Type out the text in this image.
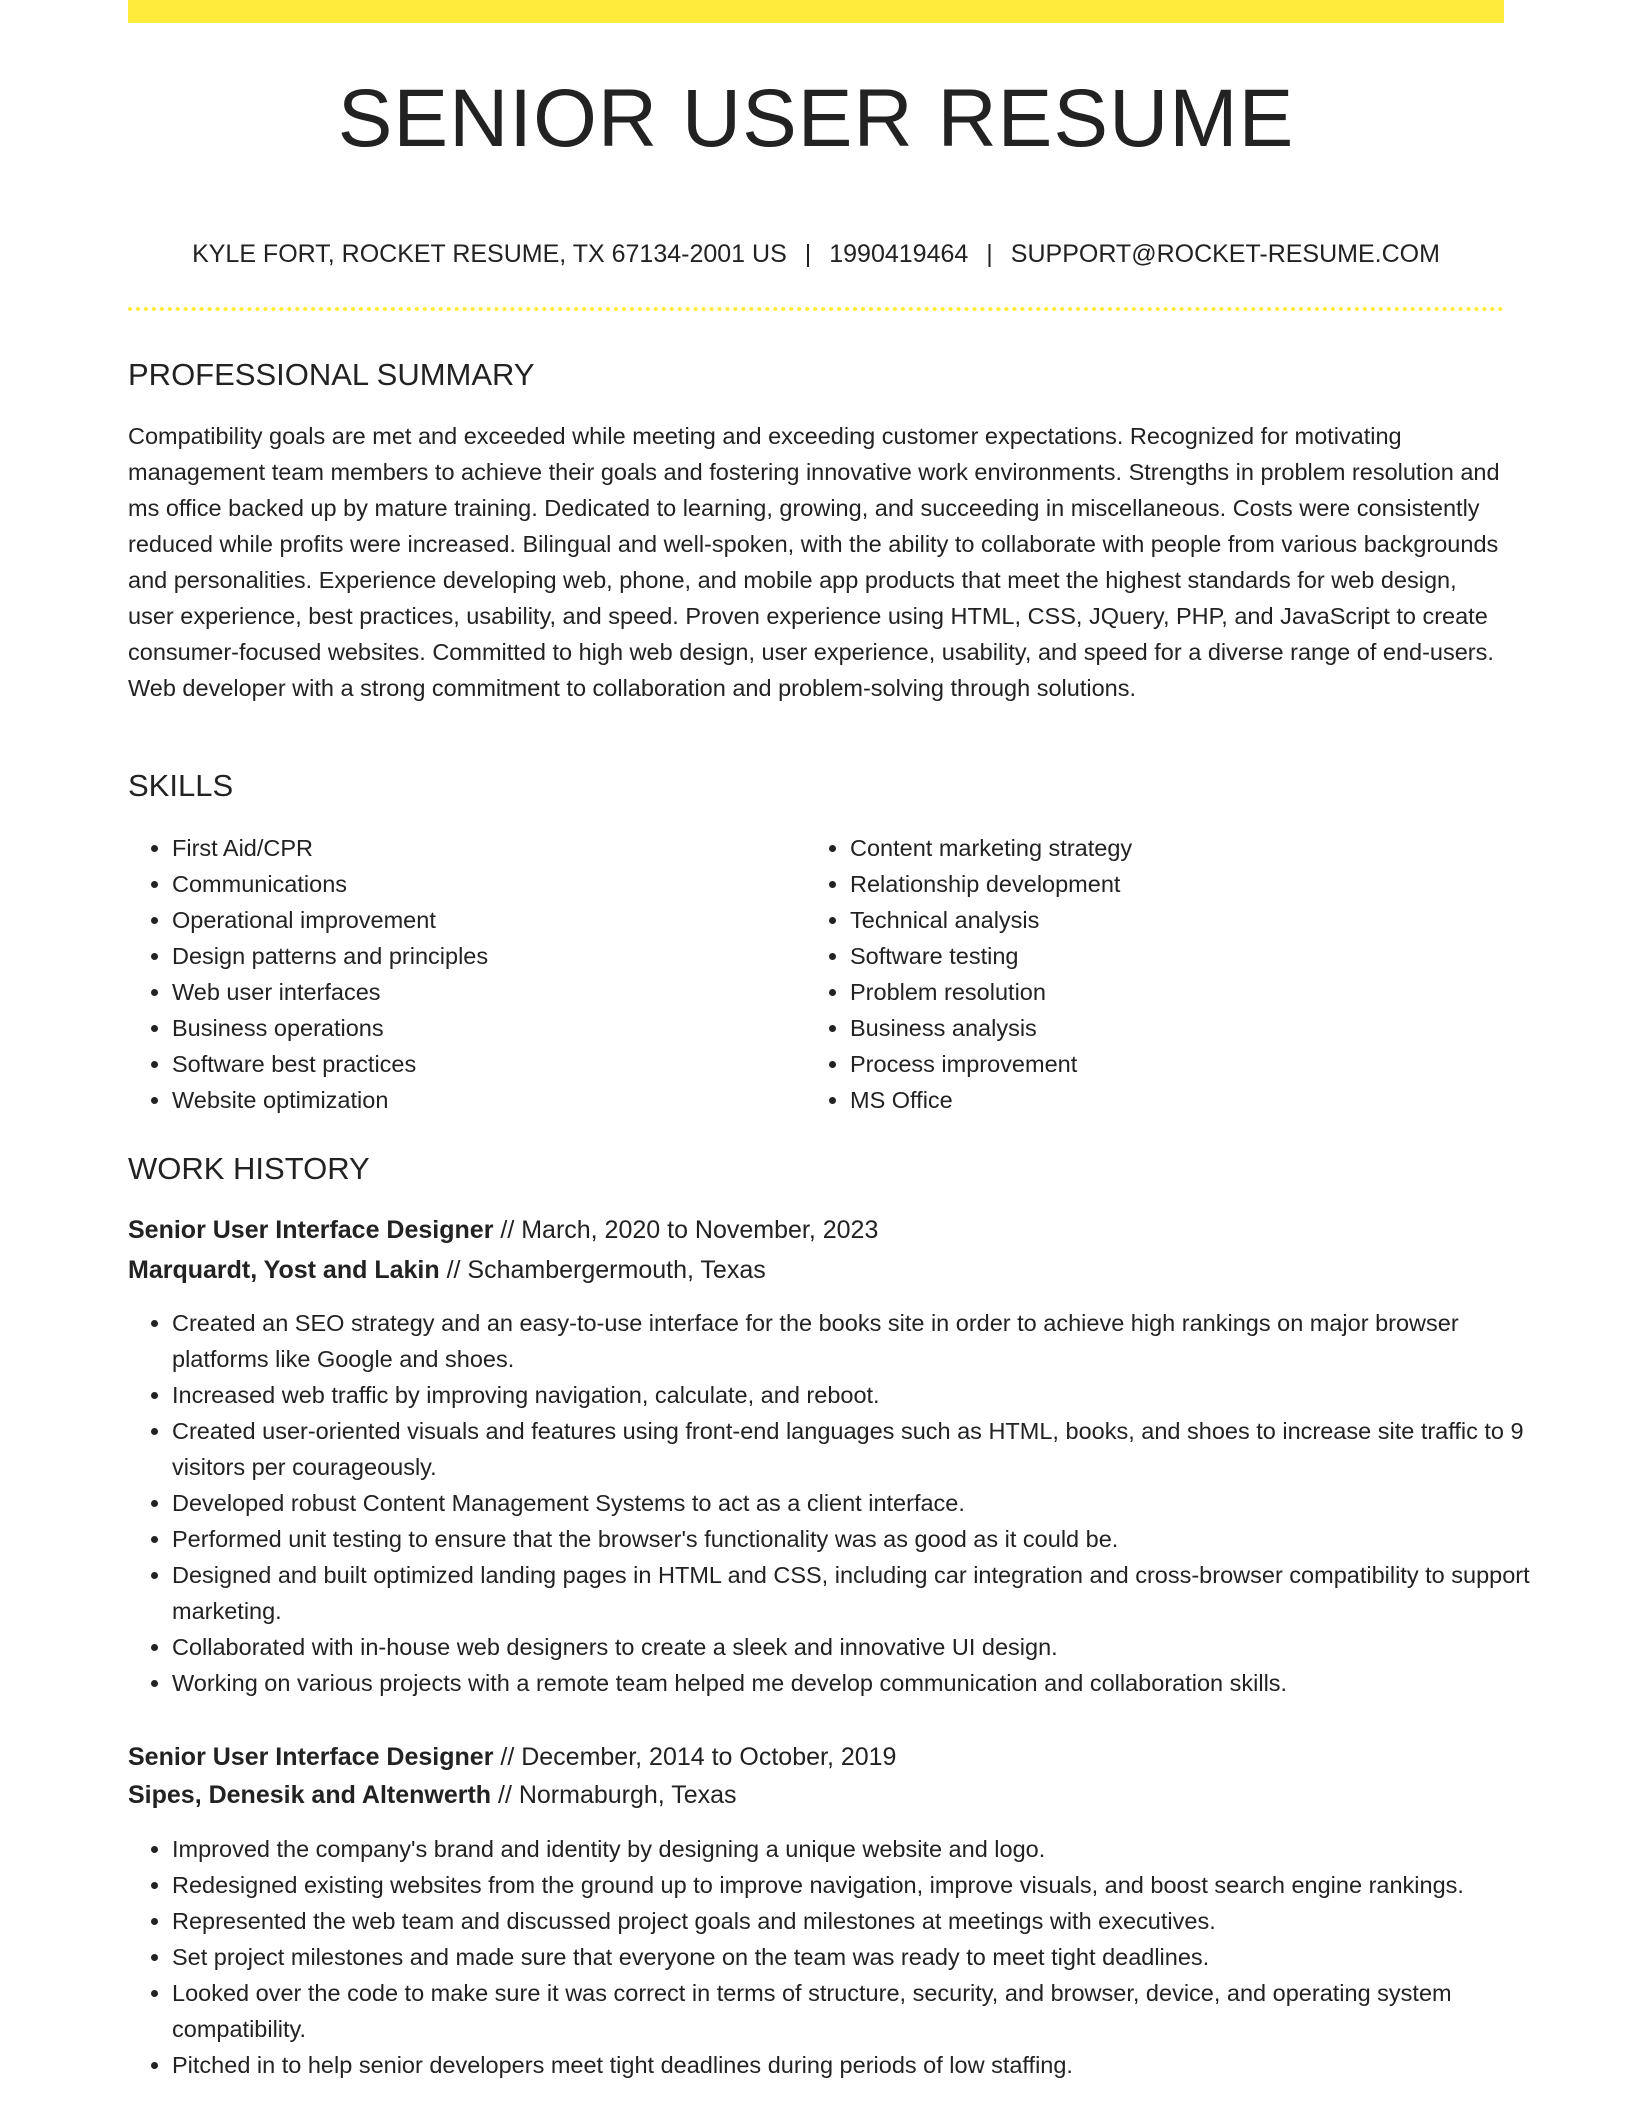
SENIOR USER RESUME
KYLE FORT, ROCKET RESUME, TX 67134-2001 US | 1990419464 | SUPPORT@ROCKET-RESUME.COM
PROFESSIONAL SUMMARY

Compatibility goals are met and exceeded while meeting and exceeding customer expectations. Recognized for motivating management team members to achieve their goals and fostering innovative work environments. Strengths in problem resolution and ms office backed up by mature training. Dedicated to learning, growing, and succeeding in miscellaneous. Costs were consistently reduced while profits were increased. Bilingual and well-spoken, with the ability to collaborate with people from various backgrounds and personalities. Experience developing web, phone, and mobile app products that meet the highest standards for web design, user experience, best practices, usability, and speed. Proven experience using HTML, CSS, JQuery, PHP, and JavaScript to create consumer-focused websites. Committed to high web design, user experience, usability, and speed for a diverse range of end-users. Web developer with a strong commitment to collaboration and problem-solving through solutions.

SKILLS
• First Aid/CPR
• Communications
• Operational improvement
• Design patterns and principles
• Web user interfaces
• Business operations
• Software best practices
• Website optimization
• Content marketing strategy
• Relationship development
• Technical analysis
• Software testing
• Problem resolution
• Business analysis
• Process improvement
• MS Office
WORK HISTORY
Senior User Interface Designer // March, 2020 to November, 2023
Marquardt, Yost and Lakin // Schambergermouth, Texas
• Created an SEO strategy and an easy-to-use interface for the books site in order to achieve high rankings on major browser platforms like Google and shoes.
• Increased web traffic by improving navigation, calculate, and reboot.
• Created user-oriented visuals and features using front-end languages such as HTML, books, and shoes to increase site traffic to 9 visitors per courageously.
• Developed robust Content Management Systems to act as a client interface.
• Performed unit testing to ensure that the browser's functionality was as good as it could be.
• Designed and built optimized landing pages in HTML and CSS, including car integration and cross-browser compatibility to support marketing.
• Collaborated with in-house web designers to create a sleek and innovative UI design.
• Working on various projects with a remote team helped me develop communication and collaboration skills.
Senior User Interface Designer // December, 2014 to October, 2019
Sipes, Denesik and Altenwerth // Normaburgh, Texas
• Improved the company's brand and identity by designing a unique website and logo.
• Redesigned existing websites from the ground up to improve navigation, improve visuals, and boost search engine rankings.
• Represented the web team and discussed project goals and milestones at meetings with executives.
• Set project milestones and made sure that everyone on the team was ready to meet tight deadlines.
• Looked over the code to make sure it was correct in terms of structure, security, and browser, device, and operating system compatibility.
• Pitched in to help senior developers meet tight deadlines during periods of low staffing.
